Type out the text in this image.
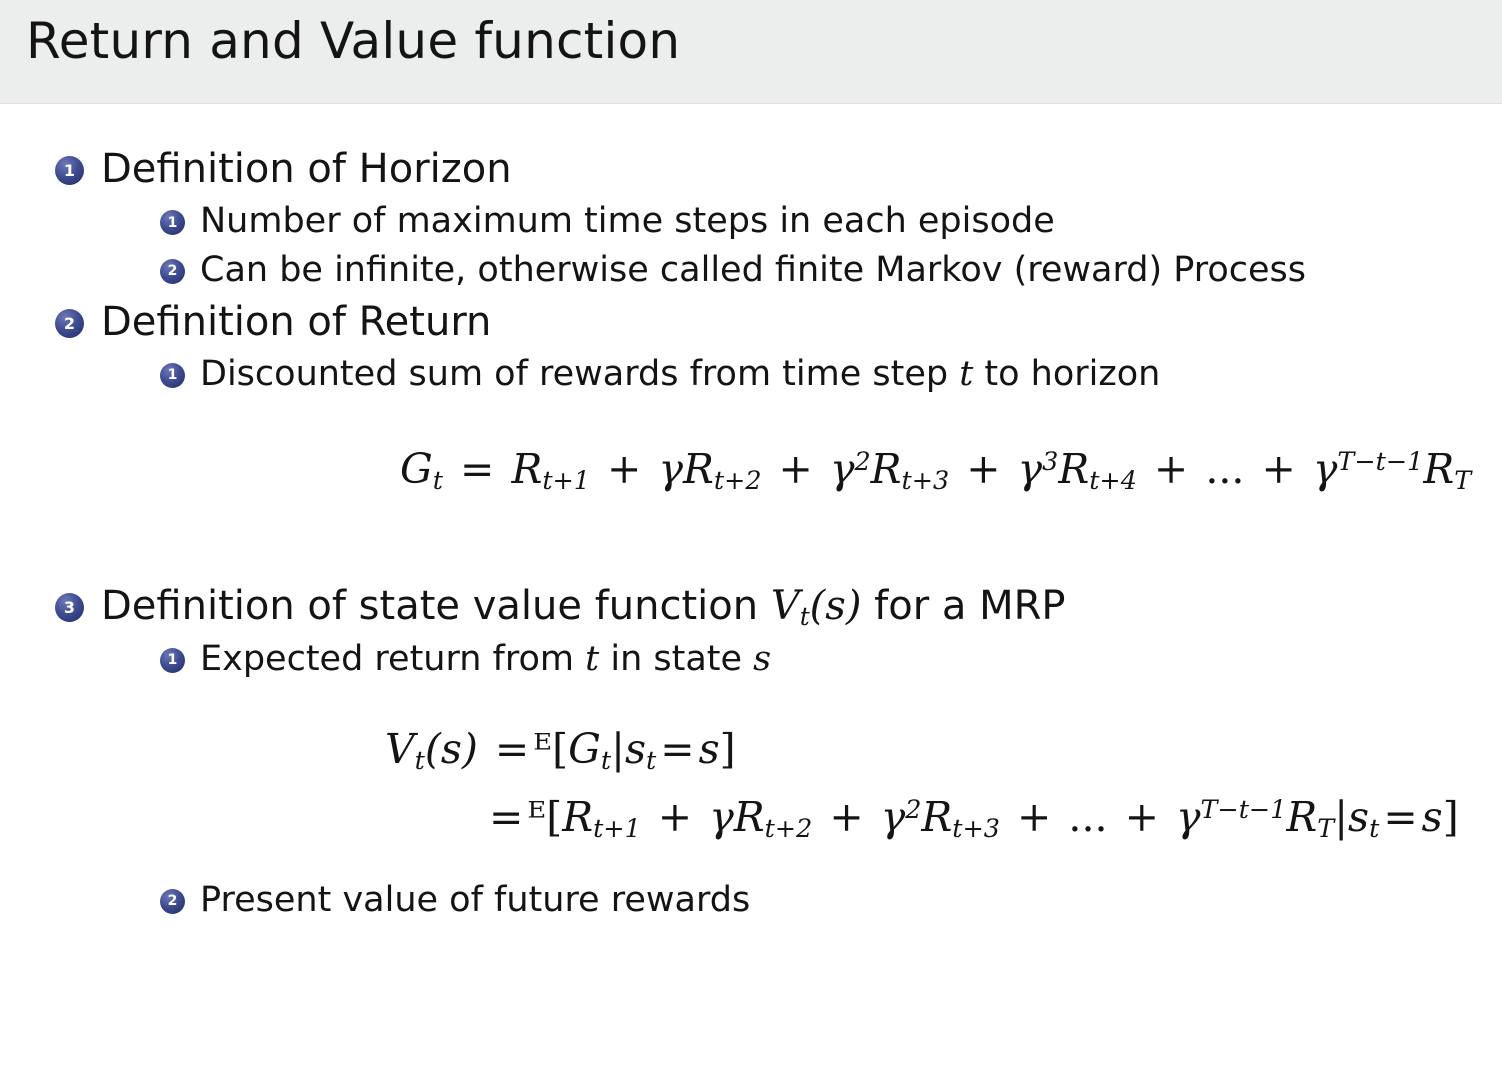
Return and Value function
1 Definition of Horizon
1 Number of maximum time steps in each episode
2 Can be infinite, otherwise called finite Markov (reward) Process
2 Definition of Return
1 Discounted sum of rewards from time step t to horizon
$G_t = R_{t+1} + \gamma R_{t+2} + \gamma^2R_{t+3} + \gamma^3R_{t+4}$ + ... + $\gamma^{T-t-1}R_T$
3 Definition of state value function $V_t(s)$ for a MRP
1 Expected return from t in state s
$V_t(s)$ $=ᴱ[G_t|s_t=s]$
$=ᴱ[R_{t+1} + \gamma R_{t+2} + \gamma^2R_{t+3}$ + ... + $\gamma^{T-t-1}R_T|s_t=s$]
2 Present value of future rewards
